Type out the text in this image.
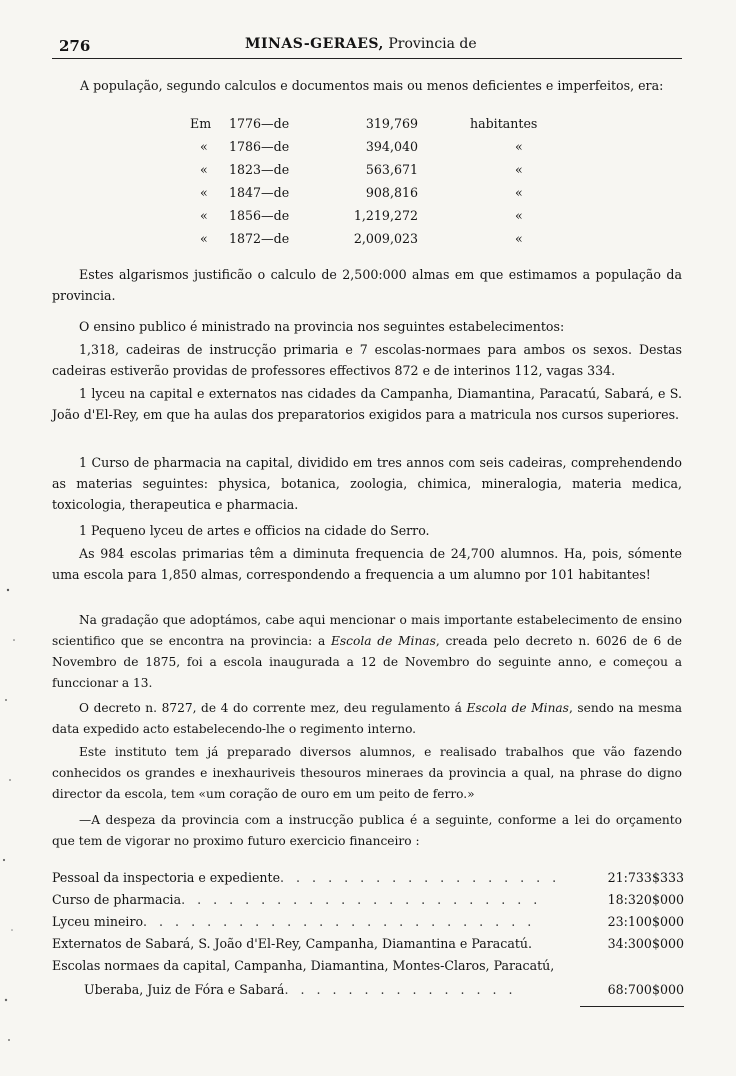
276	MINAS-GERAES, Provincia de
A população, segundo calculos e documentos mais ou menos deficientes e imperfeitos, era:
Em 1776—de	319,769	habitantes
« 1786—de	394,040	«
« 1823—de	563,671	«
« 1847—de	908,816	«
« 1856—de	1,219,272	«
« 1872—de	2,009,023	«
Estes algarismos justificão o calculo de 2,500:000 almas em que estimamos a população da provincia.
O ensino publico é ministrado na provincia nos seguintes estabelecimentos:
1,318, cadeiras de instrucção primaria e 7 escolas-normaes para ambos os sexos. Destas cadeiras estiverão providas de professores effectivos 872 e de interinos 112, vagas 334.
1 lyceu na capital e externatos nas cidades da Campanha, Diamantina, Paracatú, Sabará, e S. João d'El-Rey, em que ha aulas dos preparatorios exigidos para a matricula nos cursos superiores.
1 Curso de pharmacia na capital, dividido em tres annos com seis cadeiras, comprehendendo as materias seguintes: physica, botanica, zoologia, chimica, mineralogia, materia medica, toxicologia, therapeutica e pharmacia.
1 Pequeno lyceu de artes e officios na cidade do Serro.
As 984 escolas primarias têm a diminuta frequencia de 24,700 alumnos. Ha, pois, sómente uma escola para 1,850 almas, correspondendo a frequencia a um alumno por 101 habitantes!
Na gradação que adoptámos, cabe aqui mencionar o mais importante estabelecimento de ensino scientifico que se encontra na provincia: a Escola de Minas, creada pelo decreto n. 6026 de 6 de Novembro de 1875, foi a escola inaugurada a 12 de Novembro do seguinte anno, e começou a funccionar a 13.
O decreto n. 8727, de 4 do corrente mez, deu regulamento á Escola de Minas, sendo na mesma data expedido acto estabelecendo-lhe o regimento interno.
Este instituto tem já preparado diversos alumnos, e realisado trabalhos que vão fazendo conhecidos os grandes e inexhauriveis thesouros mineraes da provincia a qual, na phrase do digno director da escola, tem «um coração de ouro em um peito de ferro.»
—A despeza da provincia com a instrucção publica é a seguinte, conforme a lei do orçamento que tem de vigorar no proximo futuro exercicio financeiro :
Pessoal da inspectoria e expediente. . . . . . . . . . . . . . . . . .	21:733$333
Curso de pharmacia. . . . . . . . . . . . . . . . . . . . . . .	18:320$000
Lyceu mineiro. . . . . . . . . . . . . . . . . . . . . . . . .	23:100$000
Externatos de Sabará, S. João d'El-Rey, Campanha, Diamantina e Paracatú.	34:300$000
Escolas normaes da capital, Campanha, Diamantina, Montes-Claros, Paracatú,
Uberaba, Juiz de Fóra e Sabará. . . . . . . . . . . . . . .	68:700$000
